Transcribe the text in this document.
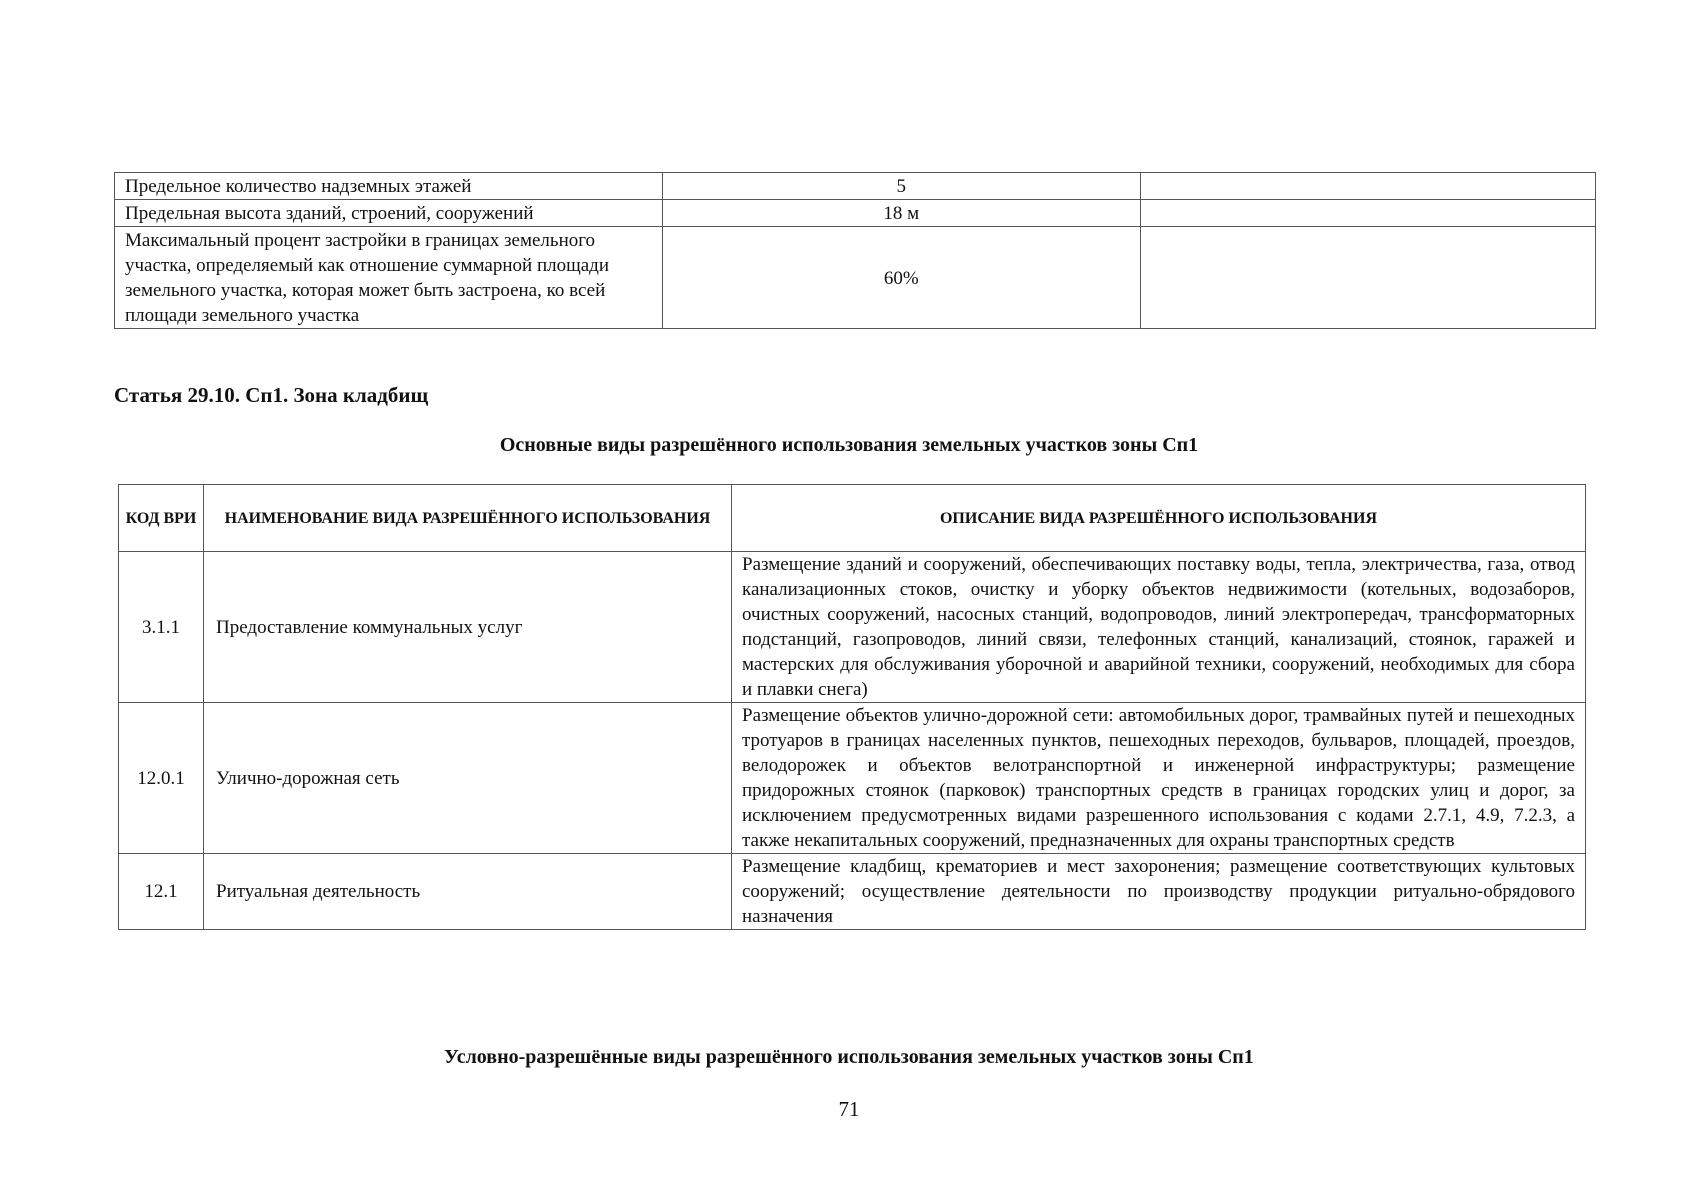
Предельное количество надземных этажей	5	
Предельная высота зданий, строений, сооружений	18 м	
Максимальный процент застройки в границах земельного участка, определяемый как отношение суммарной площади земельного участка, которая может быть застроена, ко всей площади земельного участка	60%	
Статья 29.10. Сп1. Зона кладбищ
Основные виды разрешённого использования земельных участков зоны Сп1
КОД ВРИ	НАИМЕНОВАНИЕ ВИДА РАЗРЕШЁННОГО ИСПОЛЬЗОВАНИЯ	ОПИСАНИЕ ВИДА РАЗРЕШЁННОГО ИСПОЛЬЗОВАНИЯ
3.1.1	Предоставление коммунальных услуг	Размещение зданий и сооружений, обеспечивающих поставку воды, тепла, электричества, газа, отвод канализационных стоков, очистку и уборку объектов недвижимости (котельных, водозаборов, очистных сооружений, насосных станций, водопроводов, линий электропередач, трансформаторных подстанций, газопроводов, линий связи, телефонных станций, канализаций, стоянок, гаражей и мастерских для обслуживания уборочной и аварийной техники, сооружений, необходимых для сбора и плавки снега)
12.0.1	Улично-дорожная сеть	Размещение объектов улично-дорожной сети: автомобильных дорог, трамвайных путей и пешеходных тротуаров в границах населенных пунктов, пешеходных переходов, бульваров, площадей, проездов, велодорожек и объектов велотранспортной и инженерной инфраструктуры; размещение придорожных стоянок (парковок) транспортных средств в границах городских улиц и дорог, за исключением предусмотренных видами разрешенного использования с кодами 2.7.1, 4.9, 7.2.3, а также некапитальных сооружений, предназначенных для охраны транспортных средств
12.1	Ритуальная деятельность	Размещение кладбищ, крематориев и мест захоронения; размещение соответствующих культовых сооружений; осуществление деятельности по производству продукции ритуально-обрядового назначения
Условно-разрешённые виды разрешённого использования земельных участков зоны Сп1
71
